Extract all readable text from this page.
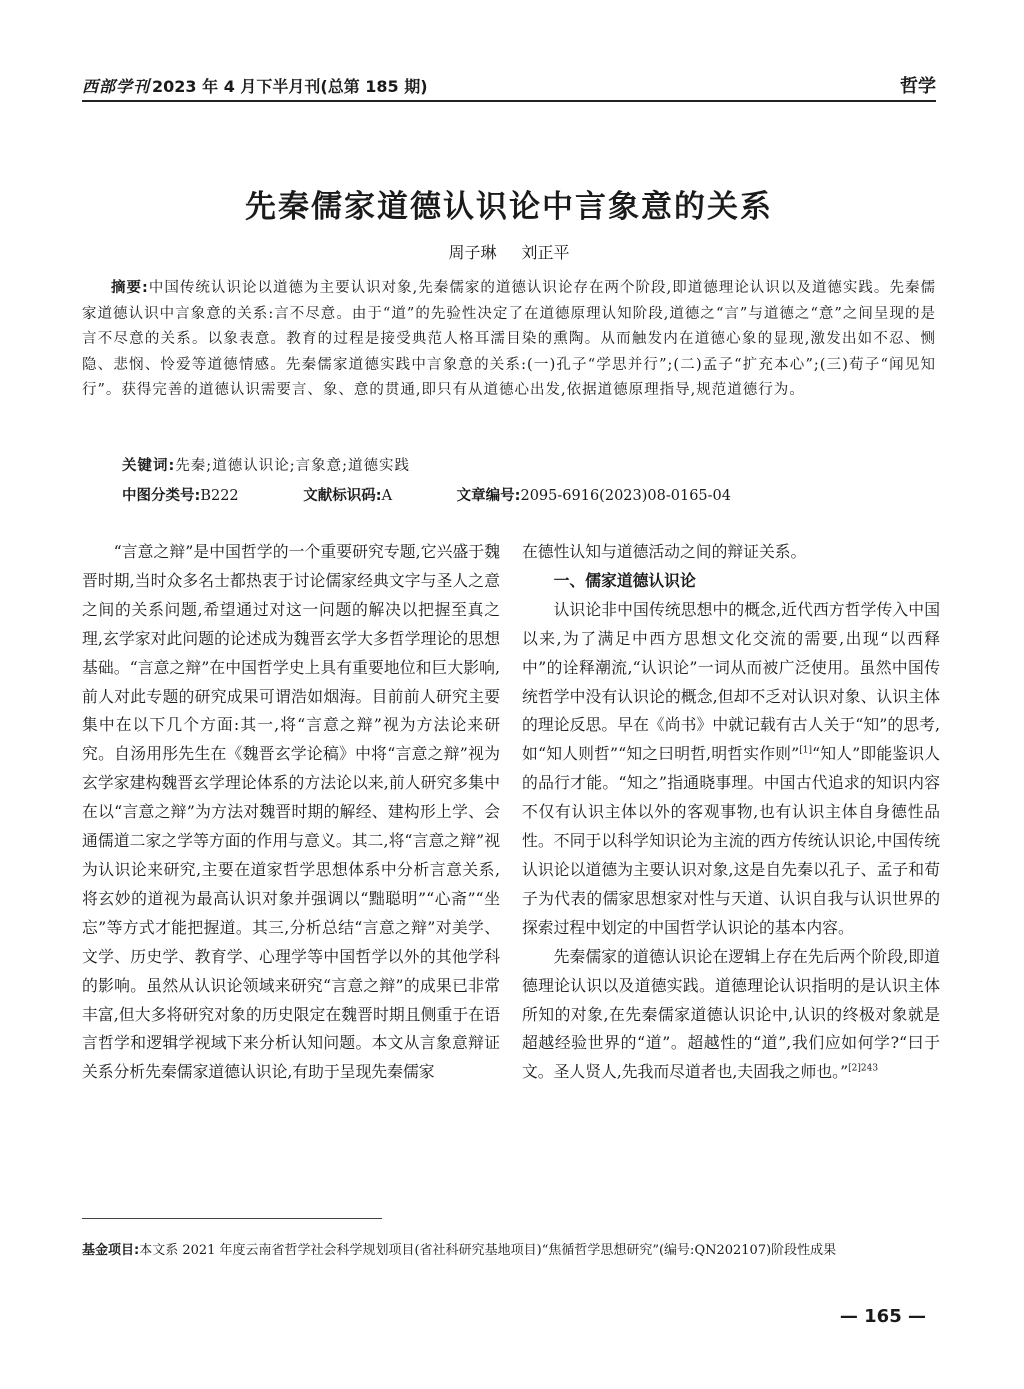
西部学刊 2023 年 4 月下半月刊(总第 185 期)	哲学
先秦儒家道德认识论中言象意的关系
周子琳 刘正平
摘要:中国传统认识论以道德为主要认识对象,先秦儒家的道德认识论存在两个阶段,即道德理论认识以及道德实践。先秦儒家道德认识中言象意的关系:言不尽意。由于“道”的先验性决定了在道德原理认知阶段,道德之“言”与道德之“意”之间呈现的是言不尽意的关系。以象表意。教育的过程是接受典范人格耳濡目染的熏陶。从而触发内在道德心象的显现,激发出如不忍、恻隐、悲悯、怜爱等道德情感。先秦儒家道德实践中言象意的关系:(一)孔子“学思并行”;(二)孟子“扩充本心”;(三)荀子“闻见知行”。获得完善的道德认识需要言、象、意的贯通,即只有从道德心出发,依据道德原理指导,规范道德行为。
关键词:先秦;道德认识论;言象意;道德实践
中图分类号:B222	文献标识码:A	文章编号:2095-6916(2023)08-0165-04

“言意之辩”是中国哲学的一个重要研究专题,它兴盛于魏晋时期,当时众多名士都热衷于讨论儒家经典文字与圣人之意之间的关系问题,希望通过对这一问题的解决以把握至真之理,玄学家对此问题的论述成为魏晋玄学大多哲学理论的思想基础。“言意之辩”在中国哲学史上具有重要地位和巨大影响,前人对此专题的研究成果可谓浩如烟海。目前前人研究主要集中在以下几个方面:其一,将“言意之辩”视为方法论来研究。自汤用彤先生在《魏晋玄学论稿》中将“言意之辩”视为玄学家建构魏晋玄学理论体系的方法论以来,前人研究多集中在以“言意之辩”为方法对魏晋时期的解经、建构形上学、会通儒道二家之学等方面的作用与意义。其二,将“言意之辩”视为认识论来研究,主要在道家哲学思想体系中分析言意关系,将玄妙的道视为最高认识对象并强调以“黜聪明”“心斋”“坐忘”等方式才能把握道。其三,分析总结“言意之辩”对美学、文学、历史学、教育学、心理学等中国哲学以外的其他学科的影响。虽然从认识论领域来研究“言意之辩”的成果已非常丰富,但大多将研究对象的历史限定在魏晋时期且侧重于在语言哲学和逻辑学视域下来分析认知问题。本文从言象意辩证关系分析先秦儒家道德认识论,有助于呈现先秦儒家

在德性认知与道德活动之间的辩证关系。

一、儒家道德认识论

认识论非中国传统思想中的概念,近代西方哲学传入中国以来,为了满足中西方思想文化交流的需要,出现“以西释中”的诠释潮流,“认识论”一词从而被广泛使用。虽然中国传统哲学中没有认识论的概念,但却不乏对认识对象、认识主体的理论反思。早在《尚书》中就记载有古人关于“知”的思考,如“知人则哲”“知之曰明哲,明哲实作则”[1]“知人”即能鉴识人的品行才能。“知之”指通晓事理。中国古代追求的知识内容不仅有认识主体以外的客观事物,也有认识主体自身德性品性。不同于以科学知识论为主流的西方传统认识论,中国传统认识论以道德为主要认识对象,这是自先秦以孔子、孟子和荀子为代表的儒家思想家对性与天道、认识自我与认识世界的探索过程中划定的中国哲学认识论的基本内容。

先秦儒家的道德认识论在逻辑上存在先后两个阶段,即道德理论认识以及道德实践。道德理论认识指明的是认识主体所知的对象,在先秦儒家道德认识论中,认识的终极对象就是超越经验世界的“道”。超越性的“道”,我们应如何学?“曰于文。圣人贤人,先我而尽道者也,夫固我之师也。”$^{[2]243}$

基金项目:本文系 2021 年度云南省哲学社会科学规划项目(省社科研究基地项目)“焦循哲学思想研究”(编号:QN202107)阶段性成果
— 165 —
